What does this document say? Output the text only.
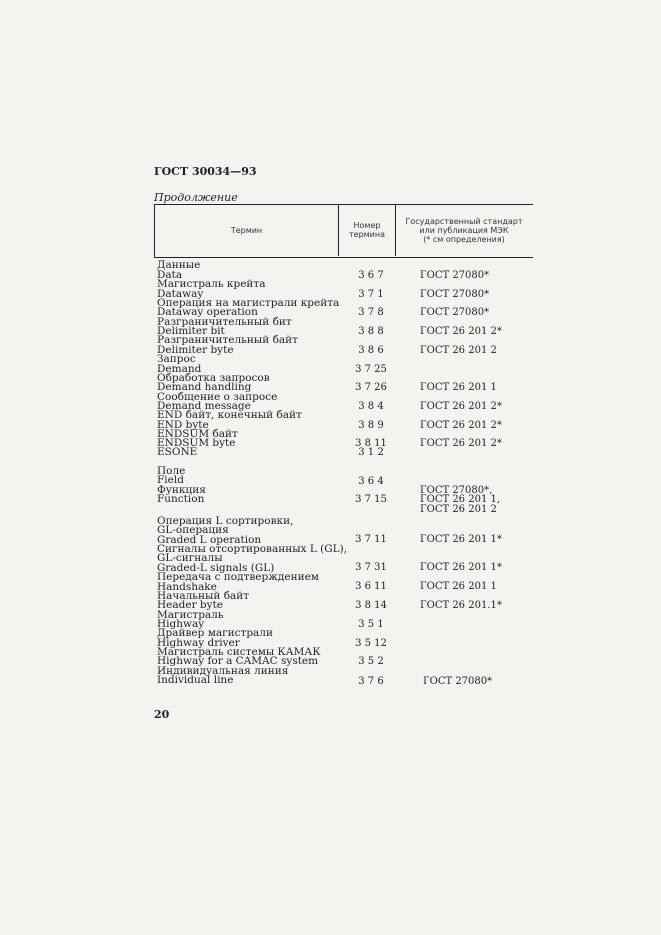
ГОСТ 30034—93
Продолжение
Термин	Номер
термина
Государственный стандарт
или публикация МЭК
(* см определения)
Данные
Data
Магистраль крейта
Dataway
Операция на магистрали крейта
Dataway operation
Разграничительный бит
Delimiter bit
Разграничительный байт
Delimiter byte
Запрос
Demand
Обработка запросов
Demand handling
Сообщение о запросе
Demand message
END байт, конечный байт
END byte
ENDSUM байт
ENDSUM byte
ESONE
Поле
Field
Функция
Function
Операция L сортировки,
GL-операция
Graded L operation
Сигналы отсортированных L (GL),
GL-сигналы
Graded-L signals (GL)
Передача с подтверждением
Handshake
Начальный байт
Header byte
Магистраль
Highway
Драйвер магистрали
Highway driver
Магистраль системы КАМАК
Highway for a CAMAC system
Индивидуальная линия
Individual line
3 6 7
3 7 1
3 7 8
3 8 8
3 8 6
3 7 25
3 7 26
3 8 4
3 8 9
3 8 11
3 1 2
3 6 4
3 7 15
3 7 11
3 7 31
3 6 11
3 8 14
3 5 1
3 5 12
3 5 2
3 7 6
ГОСТ 27080*
ГОСТ 27080*
ГОСТ 27080*
ГОСТ 26 201 2*
ГОСТ 26 201 2
ГОСТ 26 201 1
ГОСТ 26 201 2*
ГОСТ 26 201 2*
ГОСТ 26 201 2*
ГОСТ 27080*,
ГОСТ 26 201 1,
ГОСТ 26 201 2
ГОСТ 26 201 1*
ГОСТ 26 201 1*
ГОСТ 26 201 1
ГОСТ 26 201.1*
ГОСТ 27080*
20
